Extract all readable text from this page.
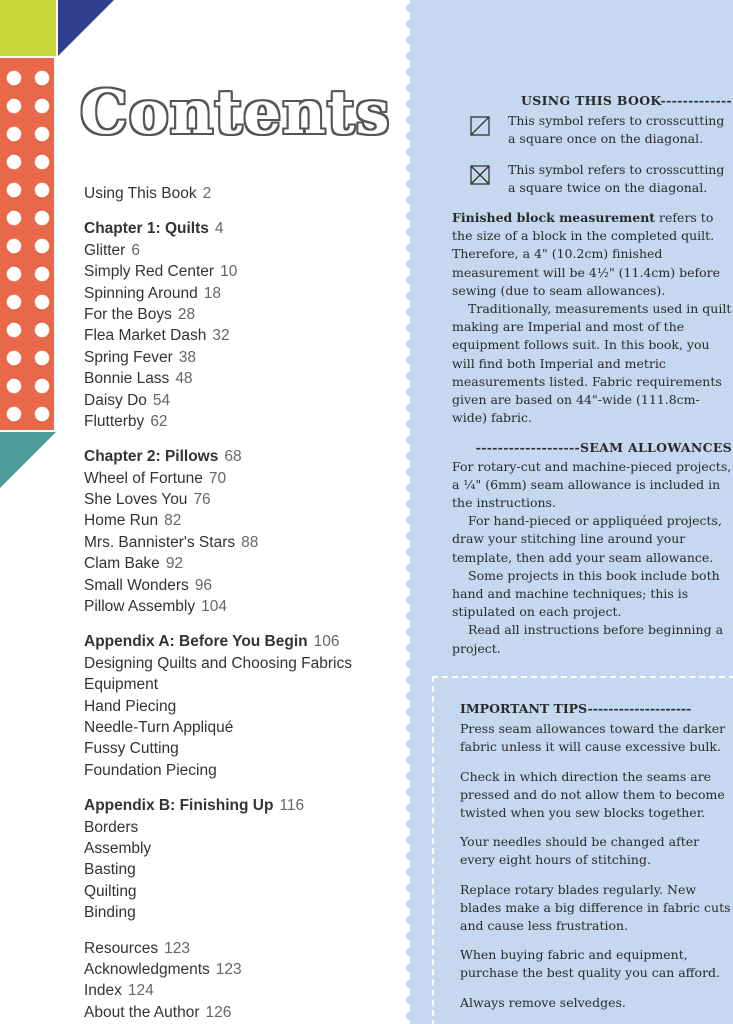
Contents
Using This Book 2
Chapter 1: Quilts 4
Glitter 6
Simply Red Center 10
Spinning Around 18
For the Boys 28
Flea Market Dash 32
Spring Fever 38
Bonnie Lass 48
Daisy Do 54
Flutterby 62
Chapter 2: Pillows 68
Wheel of Fortune 70
She Loves You 76
Home Run 82
Mrs. Bannister's Stars 88
Clam Bake 92
Small Wonders 96
Pillow Assembly 104
Appendix A: Before You Begin 106
Designing Quilts and Choosing Fabrics
Equipment
Hand Piecing
Needle-Turn Appliqué
Fussy Cutting
Foundation Piecing
Appendix B: Finishing Up 116
Borders
Assembly
Basting
Quilting
Binding
Resources 123
Acknowledgments 123
Index 124
About the Author 126
USING THIS BOOK-------------
This symbol refers to crosscutting a square once on the diagonal.
This symbol refers to crosscutting a square twice on the diagonal.

Finished block measurement refers to the size of a block in the completed quilt. Therefore, a 4" (10.2cm) finished measurement will be 4½" (11.4cm) before sewing (due to seam allowances).

Traditionally, measurements used in quilt making are Imperial and most of the equipment follows suit. In this book, you will find both Imperial and metric measurements listed. Fabric requirements given are based on 44"-wide (111.8cm-wide) fabric.

-------------------SEAM ALLOWANCES

For rotary-cut and machine-pieced projects, a ¼" (6mm) seam allowance is included in the instructions.

For hand-pieced or appliquéed projects, draw your stitching line around your template, then add your seam allowance.

Some projects in this book include both hand and machine techniques; this is stipulated on each project.

Read all instructions before beginning a project.

IMPORTANT TIPS--------------------

Press seam allowances toward the darker fabric unless it will cause excessive bulk.

Check in which direction the seams are pressed and do not allow them to become twisted when you sew blocks together.

Your needles should be changed after every eight hours of stitching.

Replace rotary blades regularly. New blades make a big difference in fabric cuts and cause less frustration.

When buying fabric and equipment, purchase the best quality you can afford.

Always remove selvedges.
